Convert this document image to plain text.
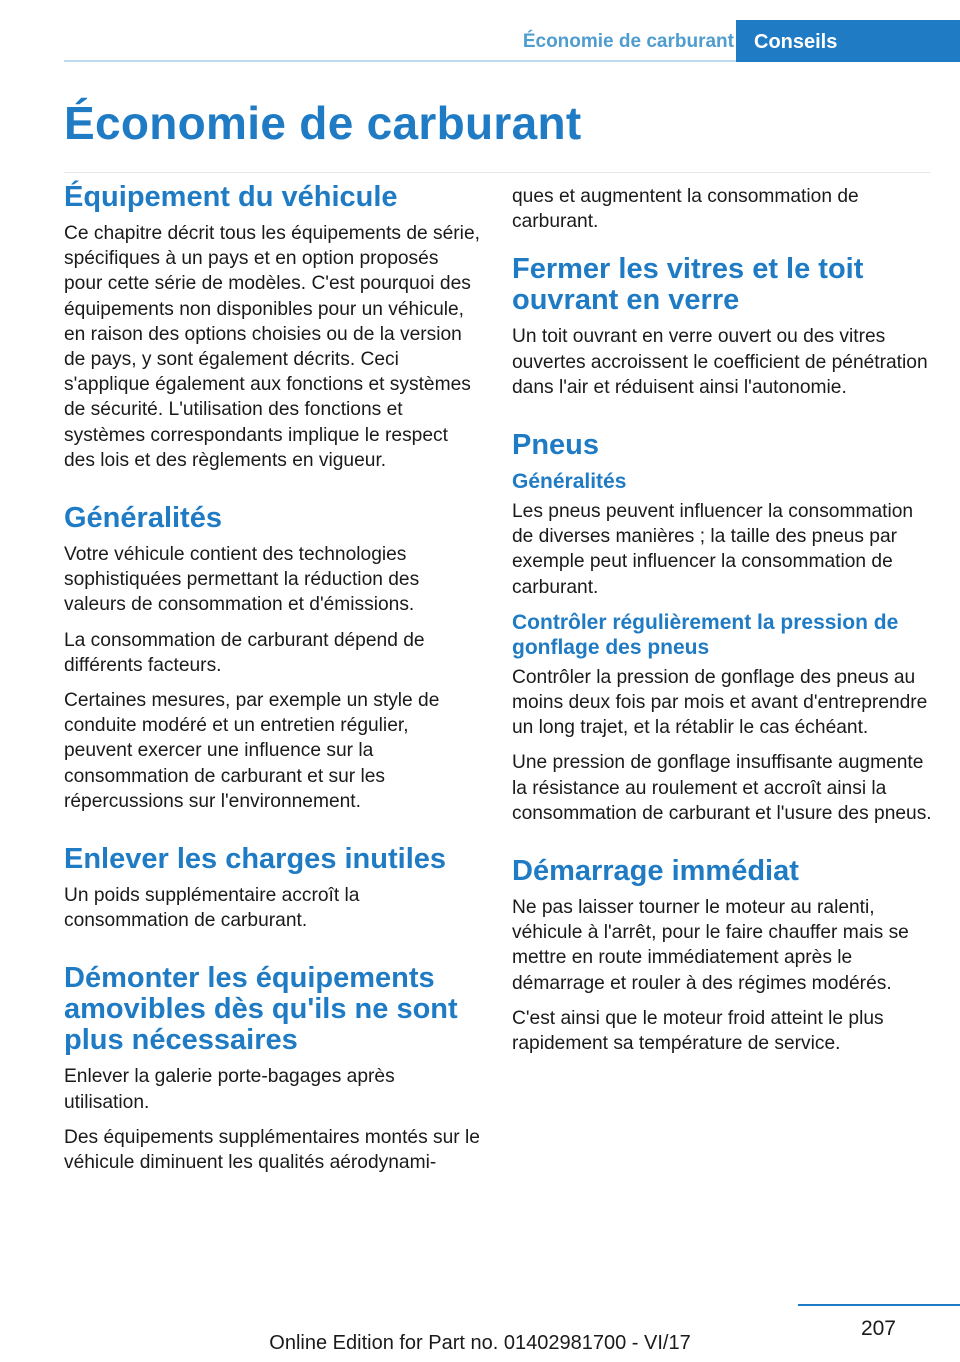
Économie de carburant	Conseils
Économie de carburant
Équipement du véhicule

Ce chapitre décrit tous les équipements de série, spécifiques à un pays et en option proposés pour cette série de modèles. C'est pourquoi des équipements non disponibles pour un véhicule, en raison des options choisies ou de la version de pays, y sont également décrits. Ceci s'applique également aux fonctions et systèmes de sécurité. L'utilisation des fonctions et systèmes correspondants implique le respect des lois et des règlements en vigueur.

Généralités

Votre véhicule contient des technologies sophistiquées permettant la réduction des valeurs de consommation et d'émissions.

La consommation de carburant dépend de différents facteurs.

Certaines mesures, par exemple un style de conduite modéré et un entretien régulier, peuvent exercer une influence sur la consommation de carburant et sur les répercussions sur l'environnement.

Enlever les charges inutiles

Un poids supplémentaire accroît la consommation de carburant.

Démonter les équipements amovibles dès qu'ils ne sont plus nécessaires

Enlever la galerie porte-bagages après utilisation.

Des équipements supplémentaires montés sur le véhicule diminuent les qualités aérodynami-

ques et augmentent la consommation de carburant.

Fermer les vitres et le toit ouvrant en verre

Un toit ouvrant en verre ouvert ou des vitres ouvertes accroissent le coefficient de pénétration dans l'air et réduisent ainsi l'autonomie.

Pneus
Généralités

Les pneus peuvent influencer la consommation de diverses manières ; la taille des pneus par exemple peut influencer la consommation de carburant.

Contrôler régulièrement la pression de gonflage des pneus

Contrôler la pression de gonflage des pneus au moins deux fois par mois et avant d'entreprendre un long trajet, et la rétablir le cas échéant.

Une pression de gonflage insuffisante augmente la résistance au roulement et accroît ainsi la consommation de carburant et l'usure des pneus.

Démarrage immédiat

Ne pas laisser tourner le moteur au ralenti, véhicule à l'arrêt, pour le faire chauffer mais se mettre en route immédiatement après le démarrage et rouler à des régimes modérés.

C'est ainsi que le moteur froid atteint le plus rapidement sa température de service.

207
Online Edition for Part no. 01402981700 - VI/17
